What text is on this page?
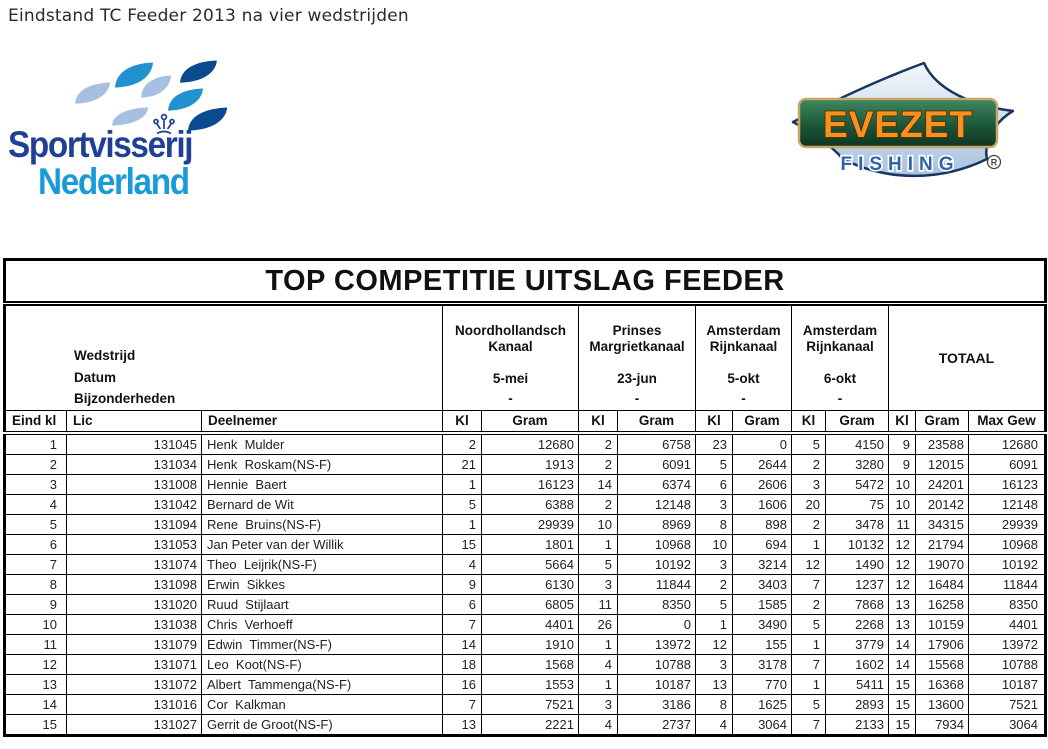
Eindstand TC Feeder 2013 na vier wedstrijden
Sportvisserij
Nederland
EVEZET
FISHING	R
TOP COMPETITIE UITSLAG FEEDER													

Wedstrijd
Datum
Bijzonderheden

Noordhollandsch Kanaal
5-mei
-

Prinses Margrietkanaal
23-jun
-

Amsterdam Rijnkanaal
5-okt
-

Amsterdam Rijnkanaal
6-okt
-

TOTAAL

Eind kl	Lic	Deelnemer	Kl	Gram	Kl	Gram	Kl	Gram	Kl	Gram	Kl	Gram	Max Gew
1	131045	Henk  Mulder	2	12680	2	6758	23	0	5	4150	9	23588	12680
2	131034	Henk  Roskam(NS-F)	21	1913	2	6091	5	2644	2	3280	9	12015	6091
3	131008	Hennie  Baert	1	16123	14	6374	6	2606	3	5472	10	24201	16123
4	131042	Bernard de Wit	5	6388	2	12148	3	1606	20	75	10	20142	12148
5	131094	Rene  Bruins(NS-F)	1	29939	10	8969	8	898	2	3478	11	34315	29939
6	131053	Jan Peter van der Willik	15	1801	1	10968	10	694	1	10132	12	21794	10968
7	131074	Theo  Leijrik(NS-F)	4	5664	5	10192	3	3214	12	1490	12	19070	10192
8	131098	Erwin  Sikkes	9	6130	3	11844	2	3403	7	1237	12	16484	11844
9	131020	Ruud  Stijlaart	6	6805	11	8350	5	1585	2	7868	13	16258	8350
10	131038	Chris  Verhoeff	7	4401	26	0	1	3490	5	2268	13	10159	4401
11	131079	Edwin  Timmer(NS-F)	14	1910	1	13972	12	155	1	3779	14	17906	13972
12	131071	Leo  Koot(NS-F)	18	1568	4	10788	3	3178	7	1602	14	15568	10788
13	131072	Albert  Tammenga(NS-F)	16	1553	1	10187	13	770	1	5411	15	16368	10187
14	131016	Cor  Kalkman	7	7521	3	3186	8	1625	5	2893	15	13600	7521
15	131027	Gerrit de Groot(NS-F)	13	2221	4	2737	4	3064	7	2133	15	7934	3064
